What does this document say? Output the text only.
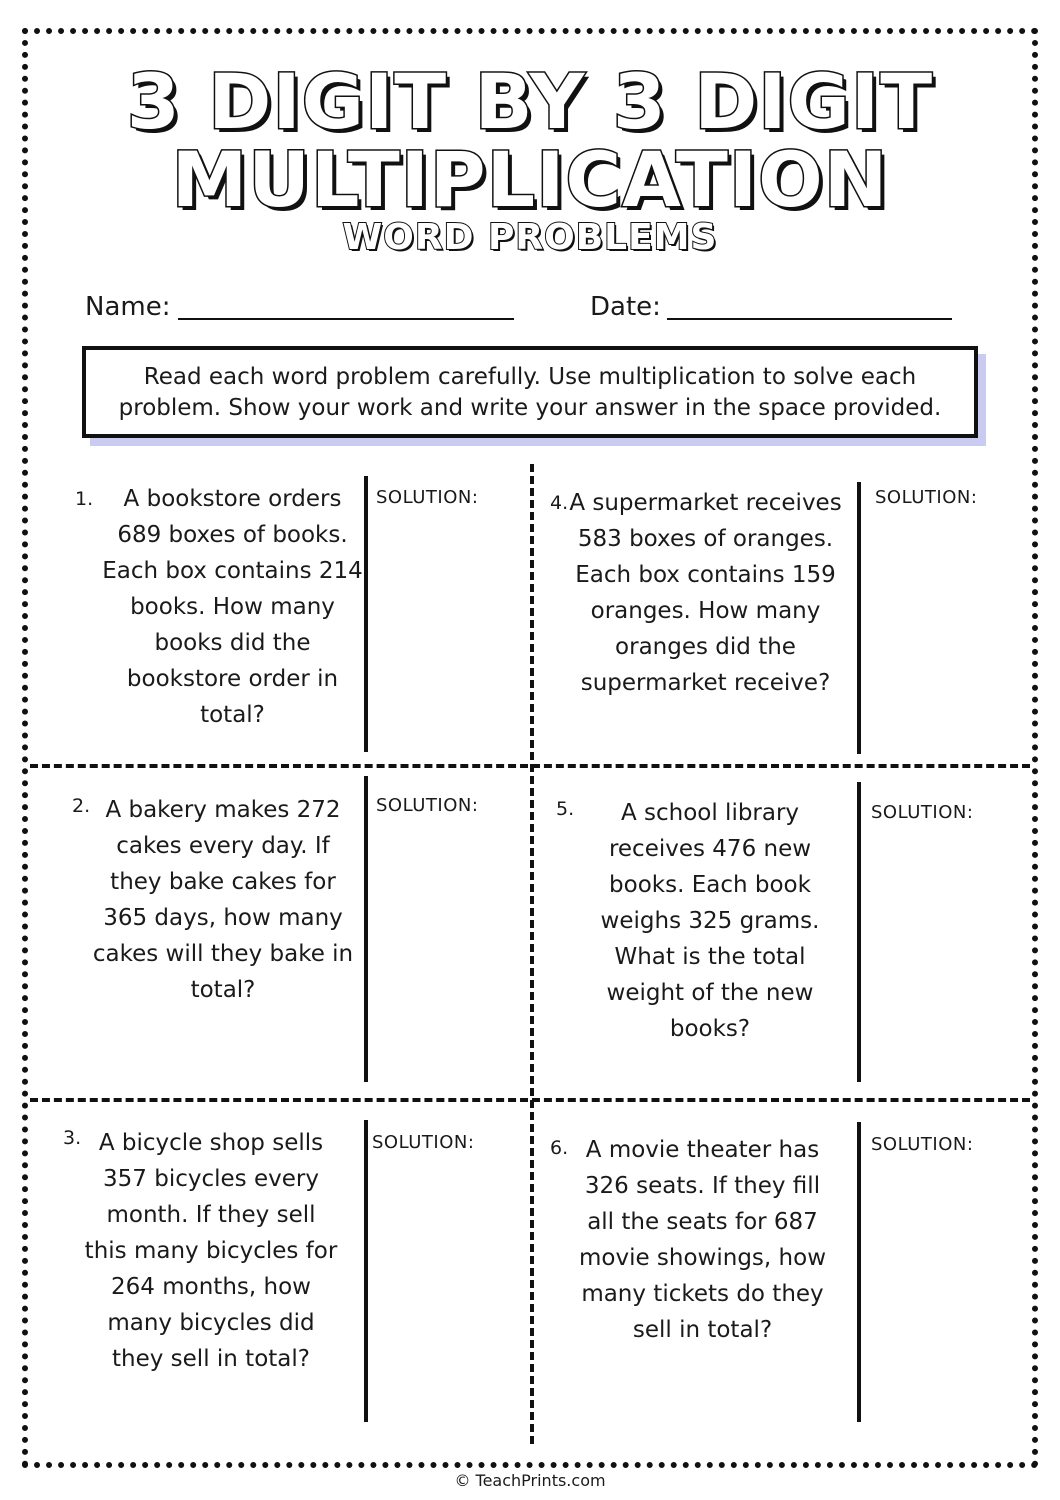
3 DIGIT BY 3 DIGIT
MULTIPLICATION
WORD PROBLEMS
Name:	Date:
Read each word problem carefully. Use multiplication to solve each problem. Show your work and write your answer in the space provided.
1.	A bookstore orders 689 boxes of books. Each box contains 214 books. How many books did the bookstore order in total?

SOLUTION:
2. A bakery makes 272 cakes every day. If they bake cakes for 365 days, how many cakes will they bake in total?

SOLUTION:
3. A bicycle shop sells 357 bicycles every month. If they sell this many bicycles for 264 months, how many bicycles did they sell in total?

SOLUTION:
4. A supermarket receives 583 boxes of oranges. Each box contains 159 oranges. How many oranges did the supermarket receive?

SOLUTION:
5.	A school library receives 476 new books. Each book weighs 325 grams. What is the total weight of the new books?

SOLUTION:
6. A movie theater has 326 seats. If they fill all the seats for 687 movie showings, how many tickets do they sell in total?

SOLUTION:
© TeachPrints.com
